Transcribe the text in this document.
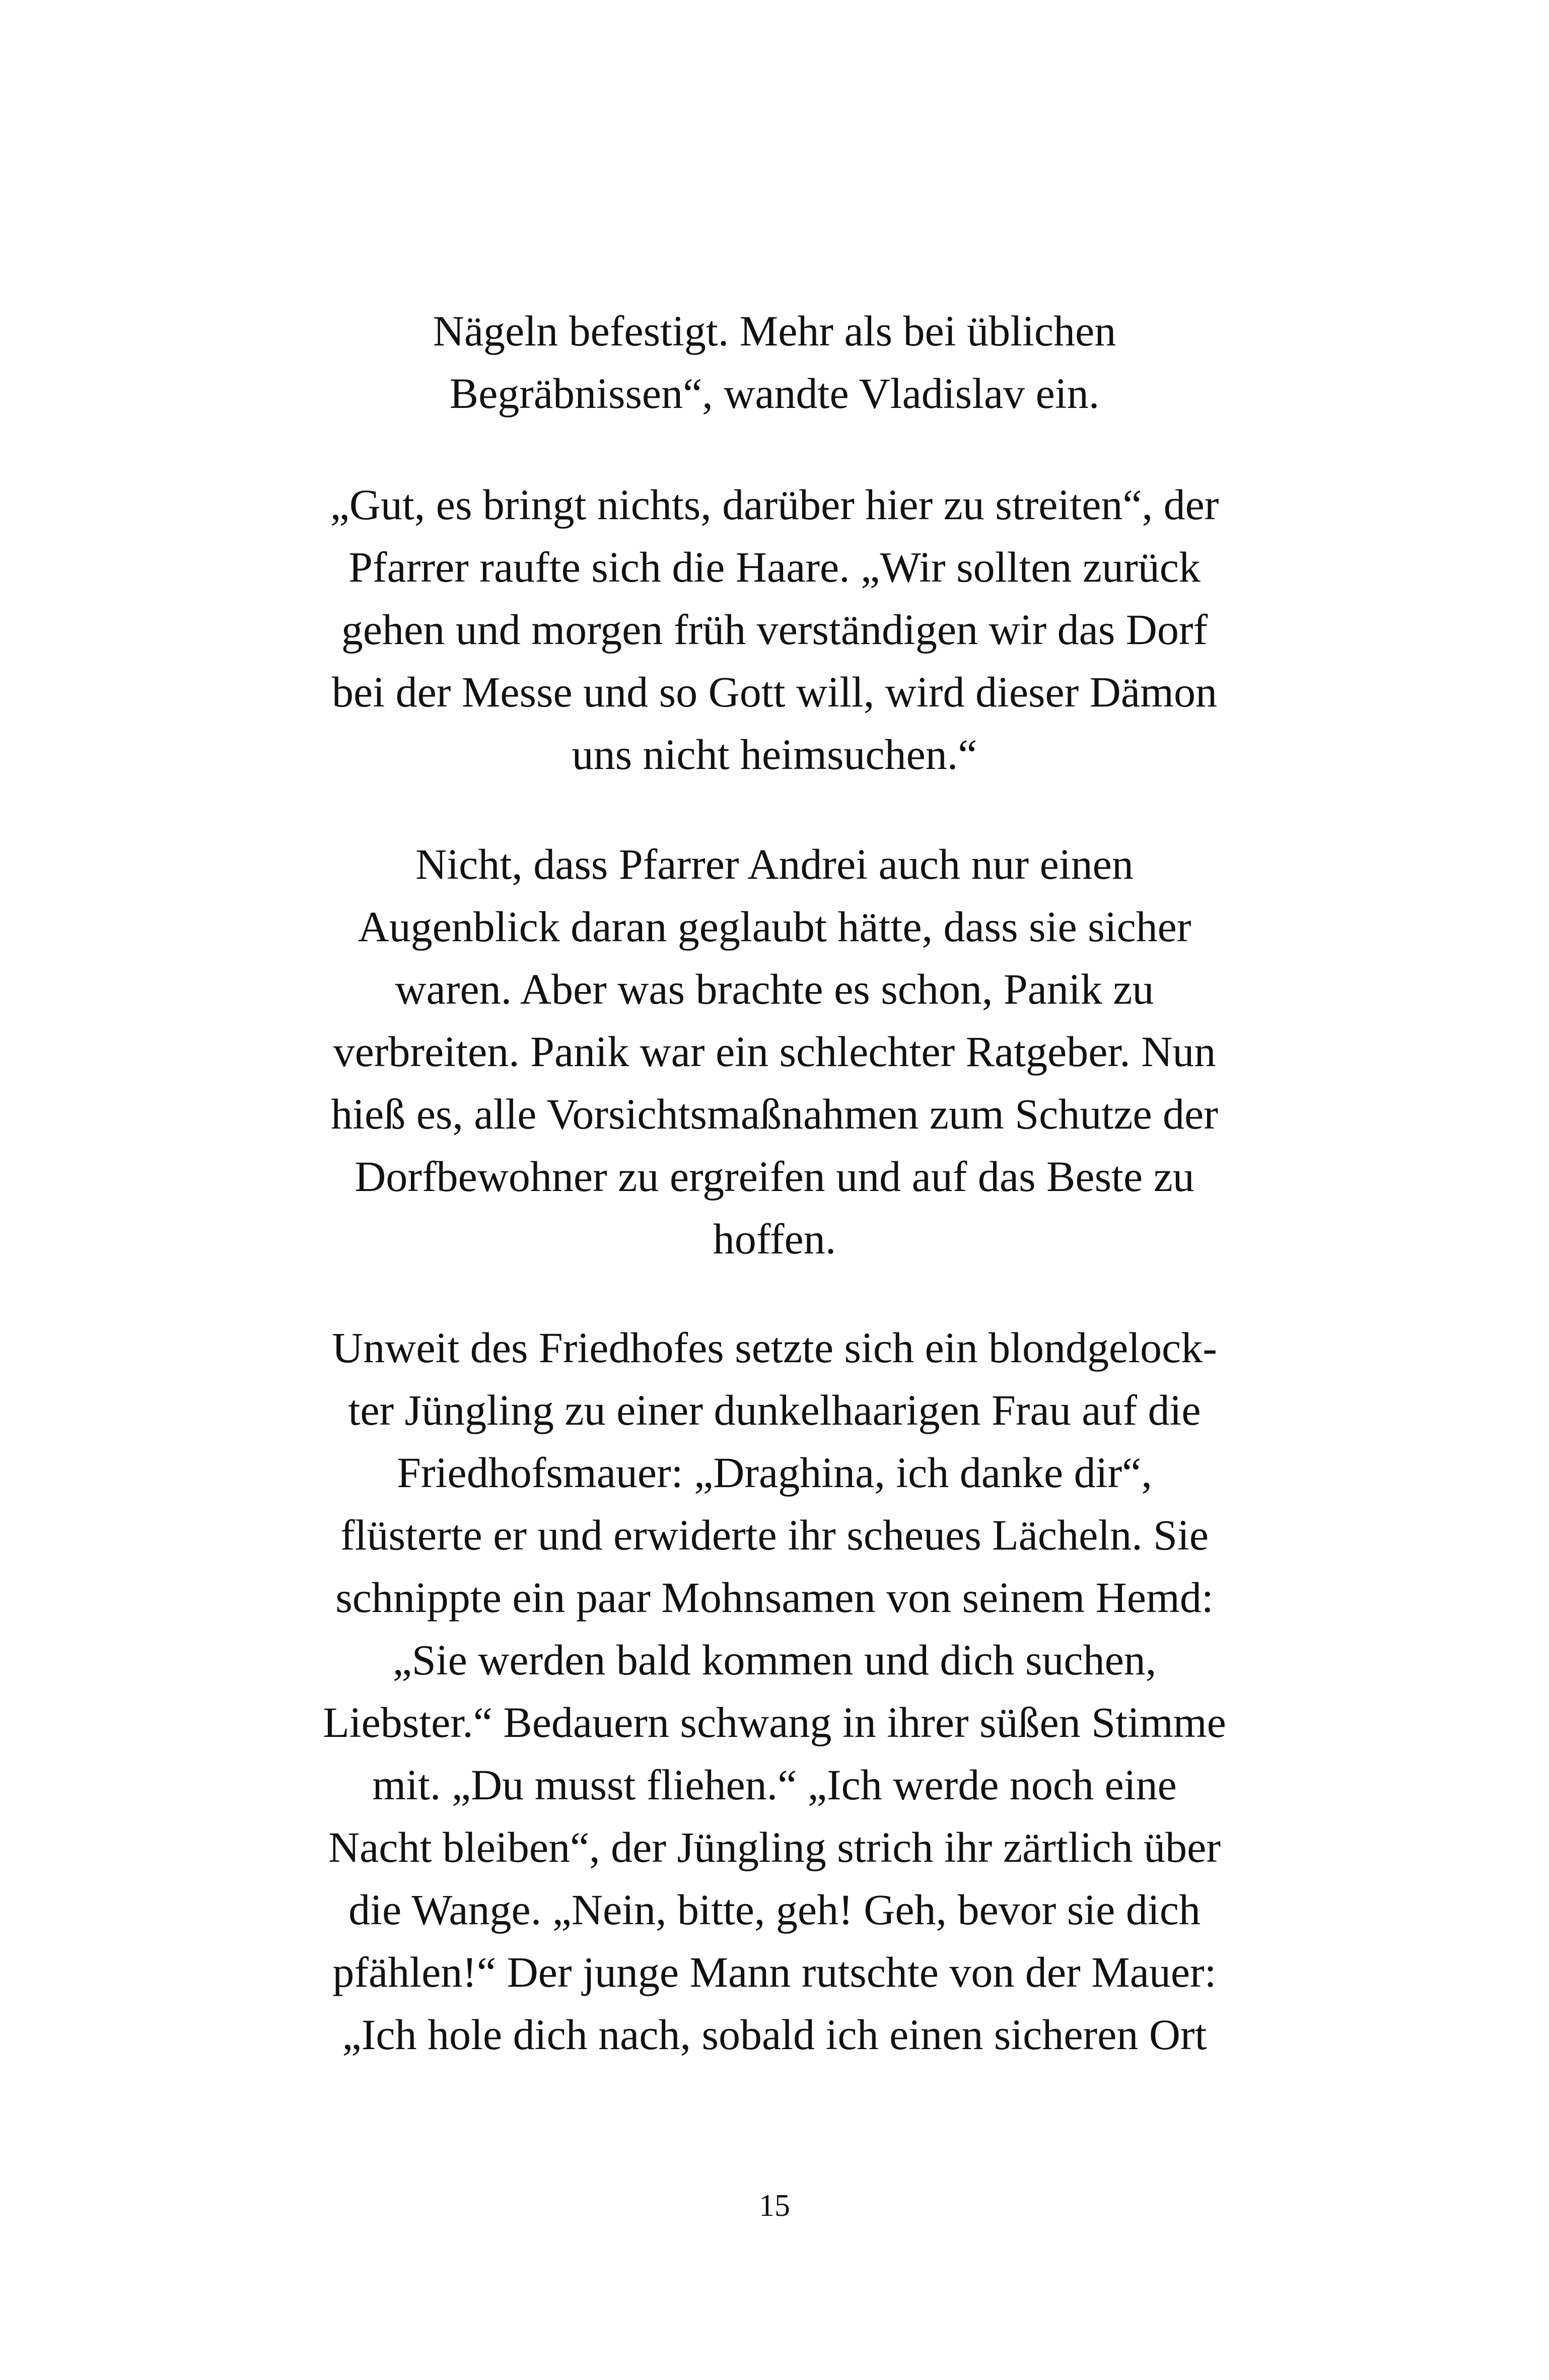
Nägeln befestigt. Mehr als bei üblichen
Begräbnissen“, wandte Vladislav ein.
„Gut, es bringt nichts, darüber hier zu streiten“, der
Pfarrer raufte sich die Haare. „Wir sollten zurück
gehen und morgen früh verständigen wir das Dorf
bei der Messe und so Gott will, wird dieser Dämon
uns nicht heimsuchen.“
Nicht, dass Pfarrer Andrei auch nur einen
Augenblick daran geglaubt hätte, dass sie sicher
waren. Aber was brachte es schon, Panik zu
verbreiten. Panik war ein schlechter Ratgeber. Nun
hieß es, alle Vorsichtsmaßnahmen zum Schutze der
Dorfbewohner zu ergreifen und auf das Beste zu
hoffen.
Unweit des Friedhofes setzte sich ein blondgelock-
ter Jüngling zu einer dunkelhaarigen Frau auf die
Friedhofsmauer: „Draghina, ich danke dir“,
flüsterte er und erwiderte ihr scheues Lächeln. Sie
schnippte ein paar Mohnsamen von seinem Hemd:
„Sie werden bald kommen und dich suchen,
Liebster.“ Bedauern schwang in ihrer süßen Stimme
mit. „Du musst fliehen.“ „Ich werde noch eine
Nacht bleiben“, der Jüngling strich ihr zärtlich über
die Wange. „Nein, bitte, geh! Geh, bevor sie dich
pfählen!“ Der junge Mann rutschte von der Mauer:
„Ich hole dich nach, sobald ich einen sicheren Ort
15
